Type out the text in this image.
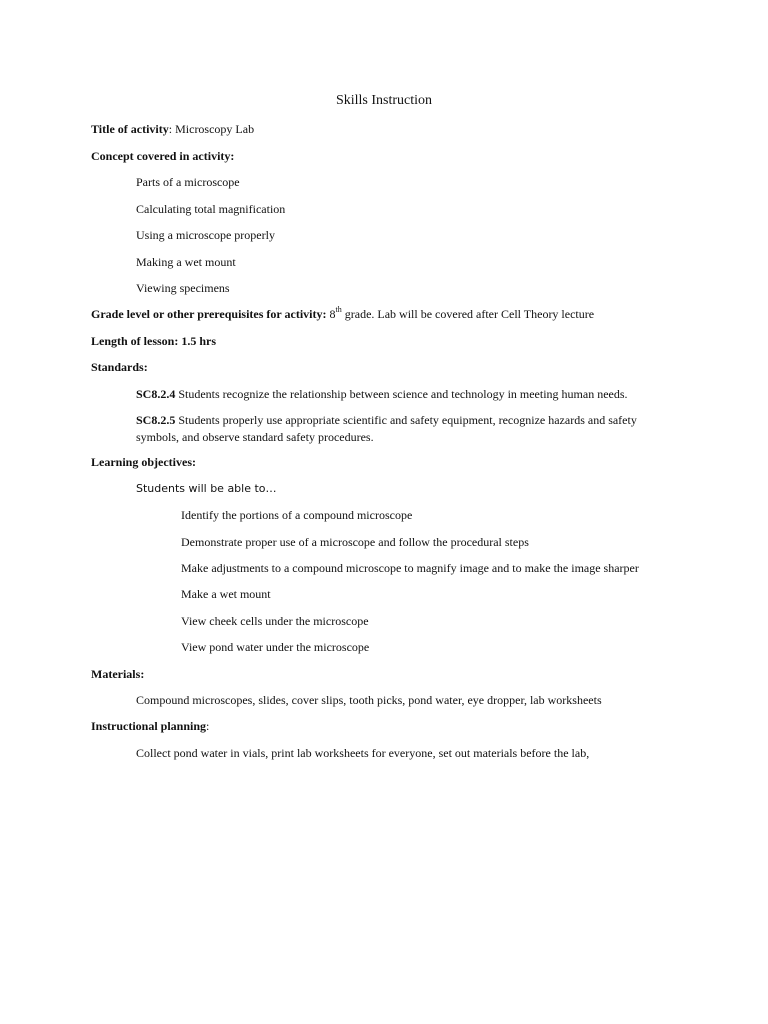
Skills Instruction
Title of activity: Microscopy Lab
Concept covered in activity:
Parts of a microscope
Calculating total magnification
Using a microscope properly
Making a wet mount
Viewing specimens
Grade level or other prerequisites for activity: 8th grade. Lab will be covered after Cell Theory lecture
Length of lesson: 1.5 hrs
Standards:
SC8.2.4 Students recognize the relationship between science and technology in meeting human needs.
SC8.2.5 Students properly use appropriate scientific and safety equipment, recognize hazards and safety
symbols, and observe standard safety procedures.
Learning objectives:
Students will be able to…
Identify the portions of a compound microscope
Demonstrate proper use of a microscope and follow the procedural steps
Make adjustments to a compound microscope to magnify image and to make the image sharper
Make a wet mount
View cheek cells under the microscope
View pond water under the microscope
Materials:
Compound microscopes, slides, cover slips, tooth picks, pond water, eye dropper, lab worksheets
Instructional planning:
Collect pond water in vials, print lab worksheets for everyone, set out materials before the lab,
